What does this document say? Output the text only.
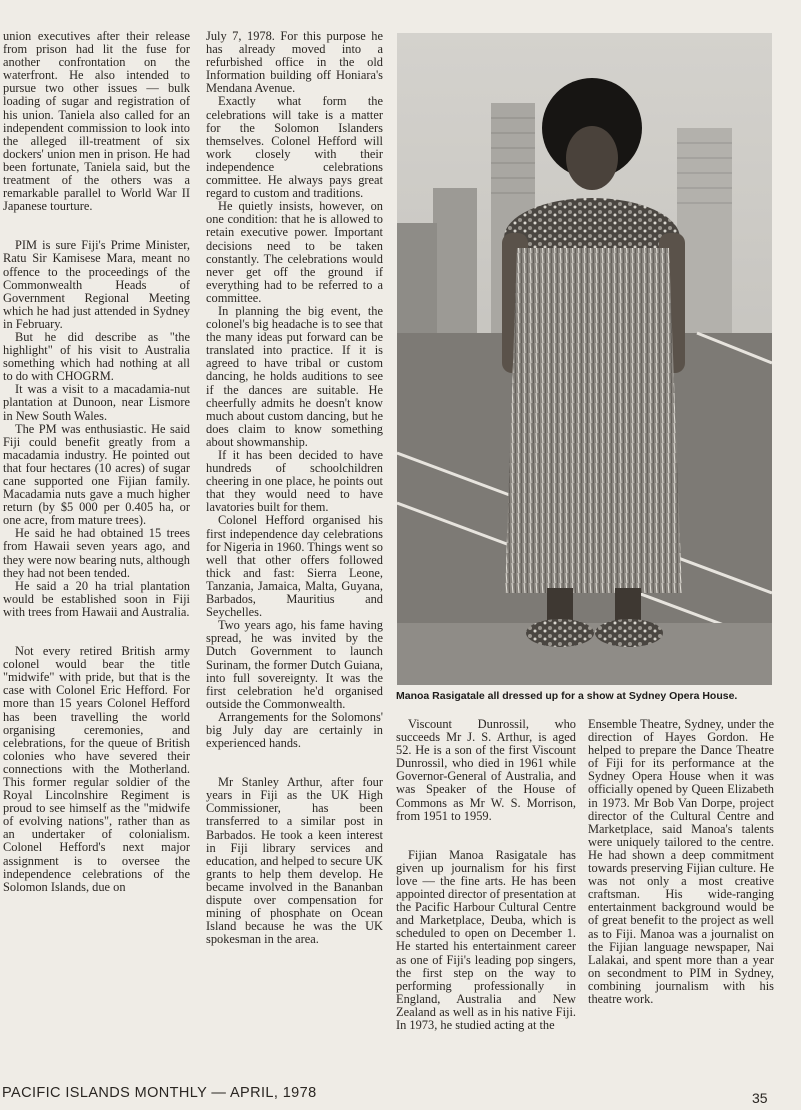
union executives after their release from prison had lit the fuse for another confrontation on the waterfront. He also intended to pursue two other issues — bulk loading of sugar and registration of his union. Taniela also called for an independent commission to look into the alleged ill-treatment of six dockers' union men in prison. He had been fortunate, Taniela said, but the treatment of the others was a remarkable parallel to World War II Japanese tourture.

PIM is sure Fiji's Prime Minister, Ratu Sir Kamisese Mara, meant no offence to the proceedings of the Commonwealth Heads of Government Regional Meeting which he had just attended in Sydney in February.

But he did describe as "the highlight" of his visit to Australia something which had nothing at all to do with CHOGRM.

It was a visit to a macadamia-nut plantation at Dunoon, near Lismore in New South Wales.

The PM was enthusiastic. He said Fiji could benefit greatly from a macadamia industry. He pointed out that four hectares (10 acres) of sugar cane supported one Fijian family. Macadamia nuts gave a much higher return (by $5 000 per 0.405 ha, or one acre, from mature trees).

He said he had obtained 15 trees from Hawaii seven years ago, and they were now bearing nuts, although they had not been tended.

He said a 20 ha trial plantation would be established soon in Fiji with trees from Hawaii and Australia.

Not every retired British army colonel would bear the title "midwife" with pride, but that is the case with Colonel Eric Hefford. For more than 15 years Colonel Hefford has been travelling the world organising ceremonies, and celebrations, for the queue of British colonies who have severed their connections with the Motherland. This former regular soldier of the Royal Lincolnshire Regiment is proud to see himself as the "midwife of evolving nations", rather than as an undertaker of colonialism. Colonel Hefford's next major assignment is to oversee the independence celebrations of the Solomon Islands, due on

July 7, 1978. For this purpose he has already moved into a refurbished office in the old Information building off Honiara's Mendana Avenue.

Exactly what form the celebrations will take is a matter for the Solomon Islanders themselves. Colonel Hefford will work closely with their independence celebrations committee. He always pays great regard to custom and traditions.

He quietly insists, however, on one condition: that he is allowed to retain executive power. Important decisions need to be taken constantly. The celebrations would never get off the ground if everything had to be referred to a committee.

In planning the big event, the colonel's big headache is to see that the many ideas put forward can be translated into practice. If it is agreed to have tribal or custom dancing, he holds auditions to see if the dances are suitable. He cheerfully admits he doesn't know much about custom dancing, but he does claim to know something about showmanship.

If it has been decided to have hundreds of schoolchildren cheering in one place, he points out that they would need to have lavatories built for them.

Colonel Hefford organised his first independence day celebrations for Nigeria in 1960. Things went so well that other offers followed thick and fast: Sierra Leone, Tanzania, Jamaica, Malta, Guyana, Barbados, Mauritius and Seychelles.

Two years ago, his fame having spread, he was invited by the Dutch Government to launch Surinam, the former Dutch Guiana, into full sovereignty. It was the first celebration he'd organised outside the Commonwealth.

Arrangements for the Solomons' big July day are certainly in experienced hands.

Mr Stanley Arthur, after four years in Fiji as the UK High Commissioner, has been transferred to a similar post in Barbados. He took a keen interest in Fiji library services and education, and helped to secure UK grants to help them develop. He became involved in the Bananban dispute over compensation for mining of phosphate on Ocean Island because he was the UK spokesman in the area.

Manoa Rasigatale all dressed up for a show at Sydney Opera House.

Viscount Dunrossil, who succeeds Mr J. S. Arthur, is aged 52. He is a son of the first Viscount Dunrossil, who died in 1961 while Governor-General of Australia, and was Speaker of the House of Commons as Mr W. S. Morrison, from 1951 to 1959.

Fijian Manoa Rasigatale has given up journalism for his first love — the fine arts. He has been appointed director of presentation at the Pacific Harbour Cultural Centre and Marketplace, Deuba, which is scheduled to open on December 1. He started his entertainment career as one of Fiji's leading pop singers, the first step on the way to performing professionally in England, Australia and New Zealand as well as in his native Fiji. In 1973, he studied acting at the

Ensemble Theatre, Sydney, under the direction of Hayes Gordon. He helped to prepare the Dance Theatre of Fiji for its performance at the Sydney Opera House when it was officially opened by Queen Elizabeth in 1973. Mr Bob Van Dorpe, project director of the Cultural Centre and Marketplace, said Manoa's talents were uniquely tailored to the centre. He had shown a deep commitment towards preserving Fijian culture. He was not only a most creative craftsman. His wide-ranging entertainment background would be of great benefit to the project as well as to Fiji. Manoa was a journalist on the Fijian language newspaper, Nai Lalakai, and spent more than a year on secondment to PIM in Sydney, combining journalism with his theatre work.

PACIFIC ISLANDS MONTHLY — APRIL, 1978	35
